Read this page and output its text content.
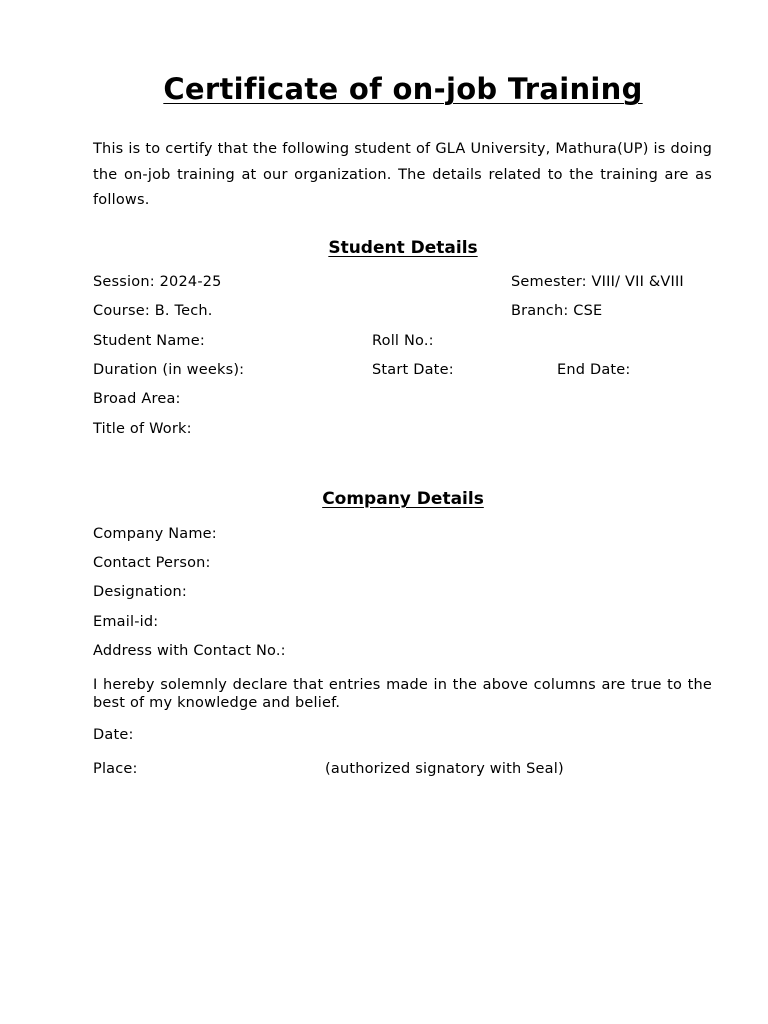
Certificate of on-job Training

This is to certify that the following student of GLA University, Mathura(UP) is doing the on-job training at our organization. The details related to the training are as follows.

Student Details

Session: 2024-25	Semester: VIII/ VII &VIII

Course: B. Tech.	Branch: CSE

Student Name:	Roll No.:

Duration (in weeks):	Start Date:	End Date:

Broad Area:

Title of Work:

Company Details

Company Name:

Contact Person:

Designation:

Email-id:

Address with Contact No.:

I hereby solemnly declare that entries made in the above columns are true to the best of my knowledge and belief.

Date:

Place:	(authorized signatory with Seal)
